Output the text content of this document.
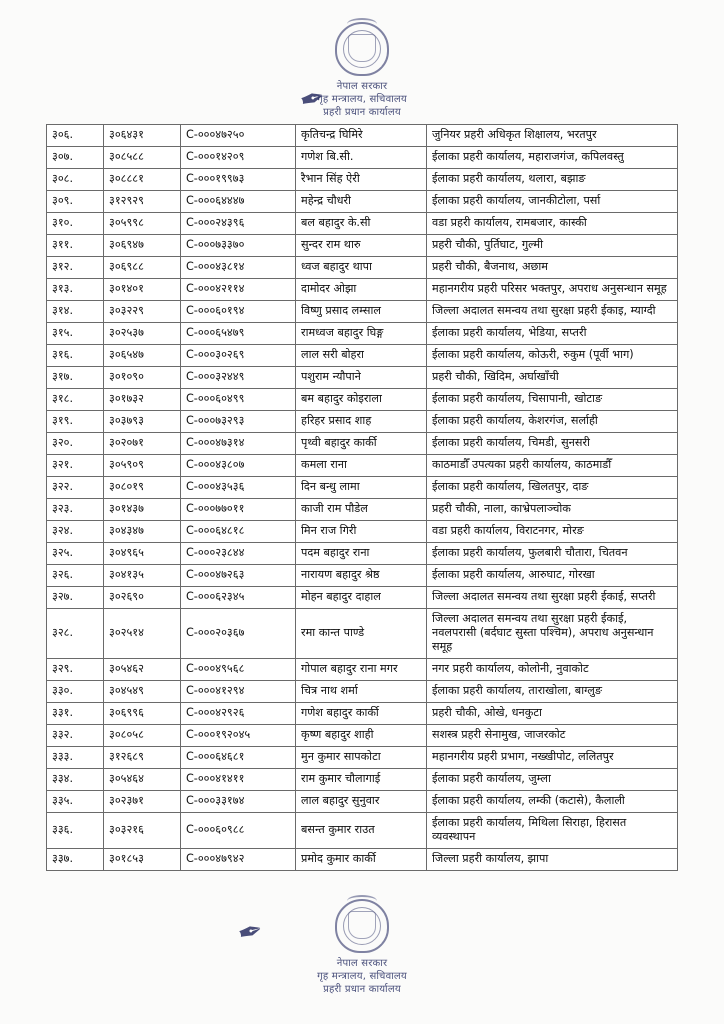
नेपाल सरकार
गृह मन्त्रालय, सचिवालय
प्रहरी प्रधान कार्यालय
✒
३०६.	३०६४३१	C-०००४७२५०	कृतिचन्द्र घिमिरे	जुनियर प्रहरी अधिकृत शिक्षालय, भरतपुर
३०७.	३०८५८८	C-०००१४२०९	गणेश बि.सी.	ईलाका प्रहरी कार्यालय, महाराजगंज, कपिलवस्तु
३०८.	३०८८८१	C-०००१९९७३	रैभान सिंह ऐरी	ईलाका प्रहरी कार्यालय, थलारा, बझाङ
३०९.	३१२९२९	C-०००६४४४७	महेन्द्र चौधरी	ईलाका प्रहरी कार्यालय, जानकीटोला, पर्सा
३१०.	३०५९९८	C-०००२४३९६	बल बहादुर के.सी	वडा प्रहरी कार्यालय, रामबजार, कास्की
३११.	३०६९४७	C-०००७३३७०	सुन्दर राम थारु	प्रहरी चौकी, पुर्तिघाट, गुल्मी
३१२.	३०६९८८	C-०००४३८१४	ध्वज बहादुर थापा	प्रहरी चौकी, बैजनाथ, अछाम
३१३.	३०१४०१	C-०००४२११४	दामोदर ओझा	महानगरीय प्रहरी परिसर भक्तपुर, अपराध अनुसन्धान समूह
३१४.	३०३२२९	C-०००६०१९४	विष्णु प्रसाद लम्साल	जिल्ला अदालत समन्वय तथा सुरक्षा प्रहरी ईकाइ, म्याग्दी
३१५.	३०२५३७	C-०००६५४७९	रामध्वज बहादुर घिङ्ग	ईलाका प्रहरी कार्यालय, भेडिया, सप्तरी
३१६.	३०६५४७	C-०००३०२६९	लाल सरी बोहरा	ईलाका प्रहरी कार्यालय, कोऊरी, रुकुम (पूर्वी भाग)
३१७.	३०१०९०	C-०००३२४४९	पशुराम न्यौपाने	प्रहरी चौकी, खिदिम, अर्घाखाँची
३१८.	३०१७३२	C-०००६०४९९	बम बहादुर कोइराला	ईलाका प्रहरी कार्यालय, चिसापानी, खोटाङ
३१९.	३०३७९३	C-०००७३२९३	हरिहर प्रसाद शाह	ईलाका प्रहरी कार्यालय, केशरगंज, सर्लाही
३२०.	३०२०७१	C-०००४७३१४	पृथ्वी बहादुर कार्की	ईलाका प्रहरी कार्यालय, चिमडी, सुनसरी
३२१.	३०५९०९	C-०००४३८०७	कमला राना	काठमाडौँ उपत्यका प्रहरी कार्यालय, काठमाडौँ
३२२.	३०८०१९	C-०००४३५३६	दिन बन्धु लामा	ईलाका प्रहरी कार्यालय, खिलतपुर, दाङ
३२३.	३०१४३७	C-०००७७०११	काजी राम पौडेल	प्रहरी चौकी, नाला, काभ्रेपलाञ्चोक
३२४.	३०४३४७	C-०००६४८१८	मिन राज गिरी	वडा प्रहरी कार्यालय, विराटनगर, मोरङ
३२५.	३०४९६५	C-०००२३८४४	पदम बहादुर राना	ईलाका प्रहरी कार्यालय, फुलबारी चौतारा, चितवन
३२६.	३०४१३५	C-०००४७२६३	नारायण बहादुर श्रेष्ठ	ईलाका प्रहरी कार्यालय, आरुघाट, गोरखा
३२७.	३०२६९०	C-०००६२३४५	मोहन बहादुर दाहाल	जिल्ला अदालत समन्वय तथा सुरक्षा प्रहरी ईकाई, सप्तरी
३२८.	३०२५१४	C-०००२०३६७	रमा कान्त पाण्डे	जिल्ला अदालत समन्वय तथा सुरक्षा प्रहरी ईकाई, नवलपरासी (बर्दघाट सुस्ता पश्चिम), अपराध अनुसन्धान समूह
३२९.	३०५४६२	C-०००४९५६८	गोपाल बहादुर राना मगर	नगर प्रहरी कार्यालय, कोलोनी, नुवाकोट
३३०.	३०४५४९	C-०००४१२९४	चित्र नाथ शर्मा	ईलाका प्रहरी कार्यालय, ताराखोला, बाग्लुङ
३३१.	३०६९९६	C-०००४२९२६	गणेश बहादुर कार्की	प्रहरी चौकी, ओखे, धनकुटा
३३२.	३०८०५८	C-०००१९२०४५	कृष्ण बहादुर शाही	सशस्त्र प्रहरी सेनामुख, जाजरकोट
३३३.	३१२६८९	C-०००६४६८१	मुन कुमार सापकोटा	महानगरीय प्रहरी प्रभाग, नख्खीपोट, ललितपुर
३३४.	३०५४६४	C-०००४१४११	राम कुमार चौलागाई	ईलाका प्रहरी कार्यालय, जुम्ला
३३५.	३०२३७१	C-०००३३१७४	लाल बहादुर सुनुवार	ईलाका प्रहरी कार्यालय, लम्की (कटासे), कैलाली
३३६.	३०३२१६	C-०००६०९८८	बसन्त कुमार राउत	ईलाका प्रहरी कार्यालय, मिथिला सिराहा, हिरासत व्यवस्थापन
३३७.	३०१८५३	C-०००४७९४२	प्रमोद कुमार कार्की	जिल्ला प्रहरी कार्यालय, झापा
✒
नेपाल सरकार
गृह मन्त्रालय, सचिवालय
प्रहरी प्रधान कार्यालय
